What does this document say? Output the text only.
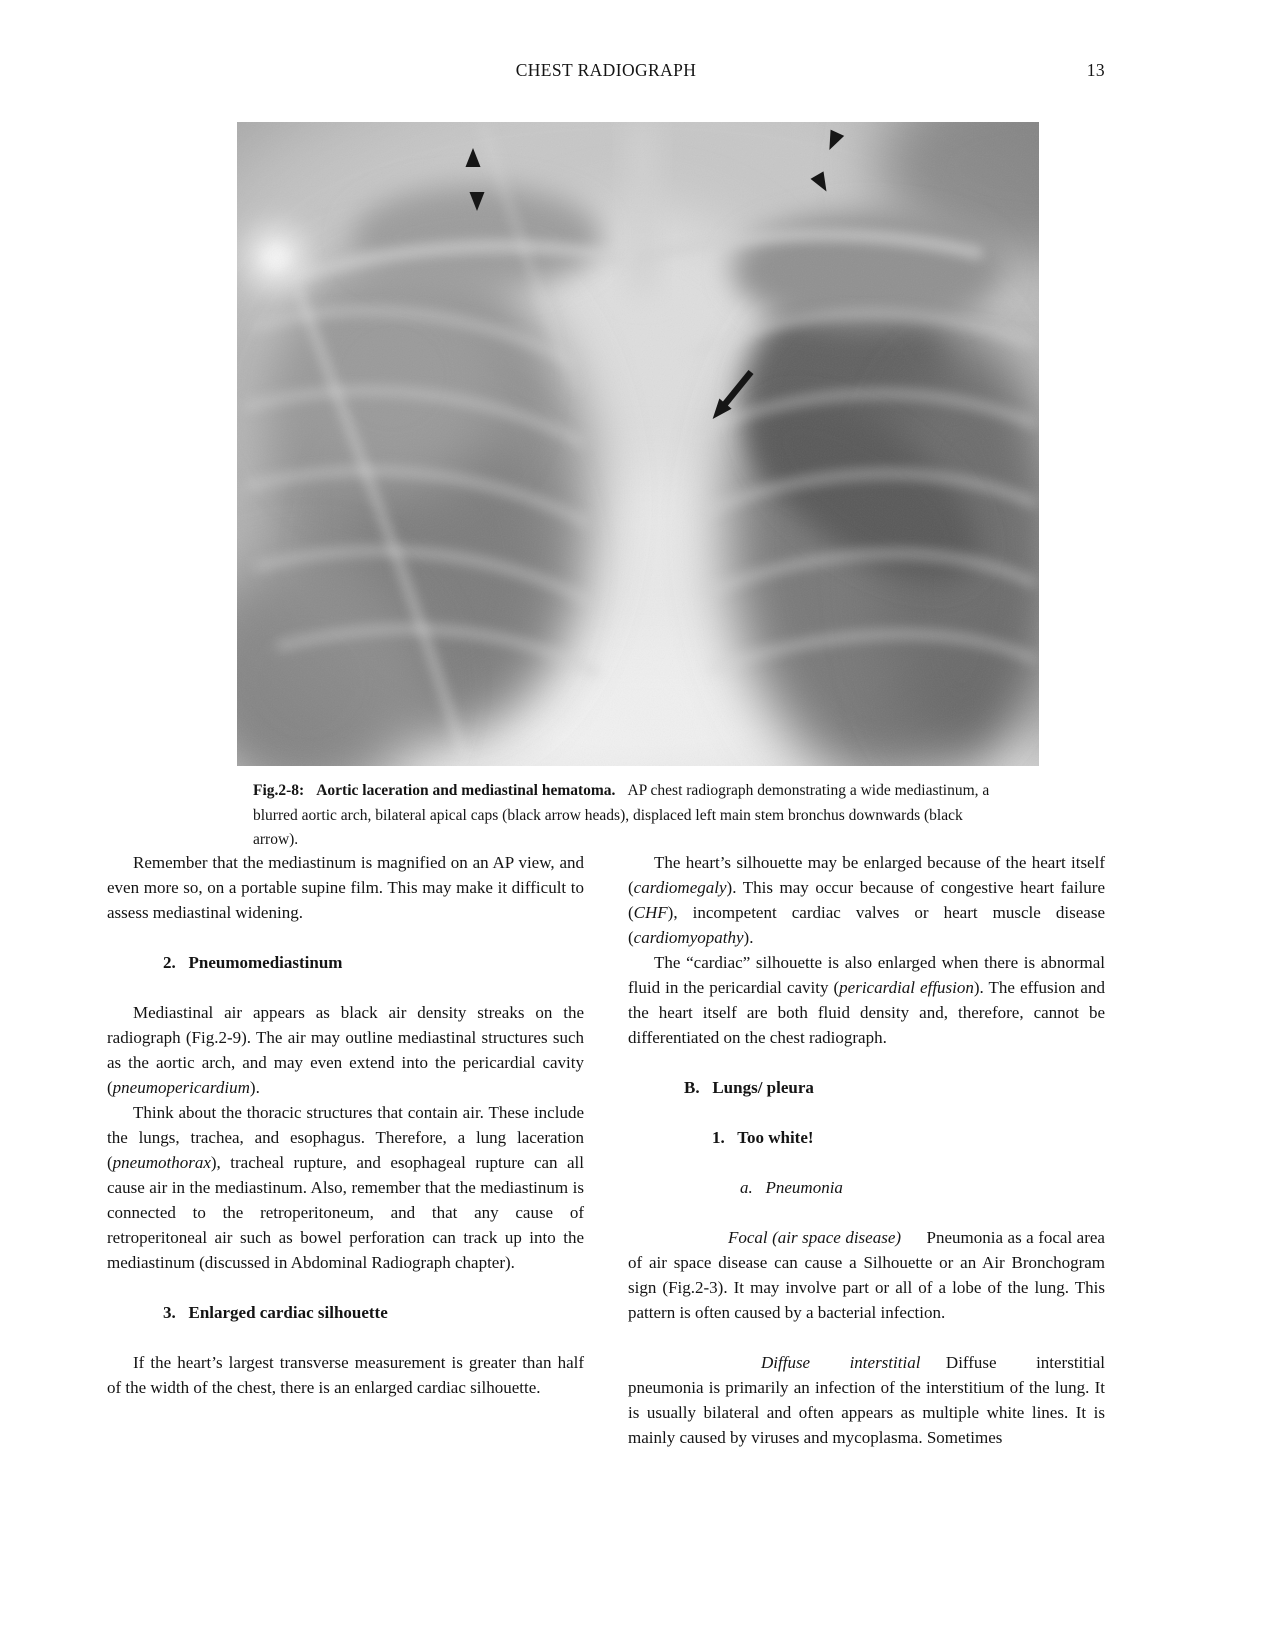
CHEST RADIOGRAPH	13
Fig.2-8: Aortic laceration and mediastinal hematoma. AP chest radiograph demonstrating a wide mediastinum, a blurred aortic arch, bilateral apical caps (black arrow heads), displaced left main stem bronchus downwards (black arrow).
Remember that the mediastinum is magnified on an AP view, and even more so, on a portable supine film. This may make it difficult to assess mediastinal widening.
2.  Pneumomediastinum
Mediastinal air appears as black air density streaks on the radiograph (Fig.2-9). The air may outline mediastinal structures such as the aortic arch, and may even extend into the pericardial cavity (pneumopericardium).
Think about the thoracic structures that contain air. These include the lungs, trachea, and esophagus. Therefore, a lung laceration (pneumothorax), tracheal rupture, and esophageal rupture can all cause air in the mediastinum. Also, remember that the mediastinum is connected to the retroperitoneum, and that any cause of retroperitoneal air such as bowel perforation can track up into the mediastinum (discussed in Abdominal Radiograph chapter).
3.  Enlarged cardiac silhouette
If the heart’s largest transverse measurement is greater than half of the width of the chest, there is an enlarged cardiac silhouette.
The heart’s silhouette may be enlarged because of the heart itself (cardiomegaly). This may occur because of congestive heart failure (CHF), incompetent cardiac valves or heart muscle disease (cardiomyopathy).
The “cardiac” silhouette is also enlarged when there is abnormal fluid in the pericardial cavity (pericardial effusion). The effusion and the heart itself are both fluid density and, therefore, cannot be differentiated on the chest radiograph.
B.  Lungs/ pleura
1.  Too white!
a.  Pneumonia
Focal (air space disease)  Pneumonia as a focal area of air space disease can cause a Silhouette or an Air Bronchogram sign (Fig.2-3). It may involve part or all of a lobe of the lung. This pattern is often caused by a bacterial infection.
Diffuse interstitial  Diffuse interstitial pneumonia is primarily an infection of the interstitium of the lung. It is usually bilateral and often appears as multiple white lines. It is mainly caused by viruses and mycoplasma. Sometimes
